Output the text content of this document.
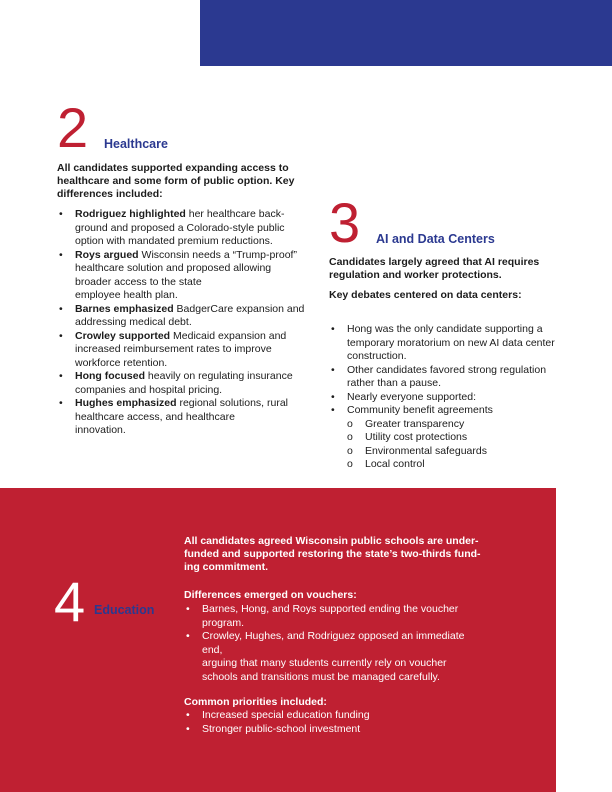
2 Healthcare

All candidates supported expanding access to healthcare and some form of public option. Key differences included:

• Rodriguez highlighted her healthcare back-
ground and proposed a Colorado-style public
option with mandated premium reductions.
• Roys argued Wisconsin needs a “Trump-proof”
healthcare solution and proposed allowing
broader access to the state
employee health plan.
• Barnes emphasized BadgerCare expansion and
addressing medical debt.
• Crowley supported Medicaid expansion and
increased reimbursement rates to improve
workforce retention.
• Hong focused heavily on regulating insurance
companies and hospital pricing.
• Hughes emphasized regional solutions, rural
healthcare access, and healthcare
innovation.
3 AI and Data Centers

Candidates largely agreed that AI requires regulation and worker protections.

Key debates centered on data centers:

• Hong was the only candidate supporting a
temporary moratorium on new AI data center
construction.
• Other candidates favored strong regulation
rather than a pause.
• Nearly everyone supported:
• Community benefit agreements
o Greater transparency
o Utility cost protections
o Environmental safeguards
o Local control
4 Education

All candidates agreed Wisconsin public schools are under-
funded and supported restoring the state’s two-thirds fund-
ing commitment.

Differences emerged on vouchers:

• Barnes, Hong, and Roys supported ending the voucher
program.
• Crowley, Hughes, and Rodriguez opposed an immediate
end,
arguing that many students currently rely on voucher
schools and transitions must be managed carefully.

Common priorities included:

• Increased special education funding
• Stronger public-school investment
